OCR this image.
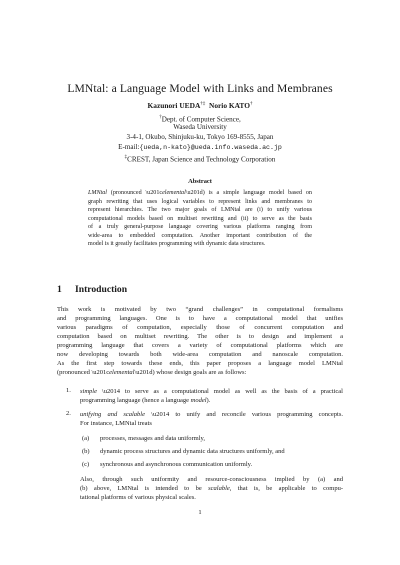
LMNtal: a Language Model with Links and Membranes
Kazunori UEDA†‡ Norio KATO†
†Dept. of Computer Science,
Waseda University
3-4-1, Okubo, Shinjuku-ku, Tokyo 169-8555, Japan
E-mail:{ueda,n-kato}@ueda.info.waseda.ac.jp
‡CREST, Japan Science and Technology Corporation
Abstract
LMNtal (pronounced \u201celemental\u201d) is a simple language model based on
graph rewriting that uses logical variables to represent links and membranes to
represent hierarchies. The two major goals of LMNtal are (i) to unify various
computational models based on multiset rewriting and (ii) to serve as the basis
of a truly general-purpose language covering various platforms ranging from
wide-area to embedded computation. Another important contribution of the
model is it greatly facilitates programming with dynamic data structures.
1 Introduction
This work is motivated by two “grand challenges” in computational formalisms
and programming languages. One is to have a computational model that unifies
various paradigms of computation, especially those of concurrent computation and
computation based on multiset rewriting. The other is to design and implement a
programming language that covers a variety of computational platforms which are
now developing towards both wide-area computation and nanoscale computation.
As the first step towards these ends, this paper proposes a language model LMNtal
(pronounced \u201celemental\u201d) whose design goals are as follows:
1. simple \u2014 to serve as a computational model as well as the basis of a practical
programming language (hence a language model).
2. unifying and scalable \u2014 to unify and reconcile various programming concepts.
For instance, LMNtal treats
(a) processes, messages and data uniformly,
(b) dynamic process structures and dynamic data structures uniformly, and
(c) synchronous and asynchronous communication uniformly.
Also, through such uniformity and resource-consciousness implied by (a) and
(b) above, LMNtal is intended to be scalable, that is, be applicable to compu-
tational platforms of various physical scales.
1
